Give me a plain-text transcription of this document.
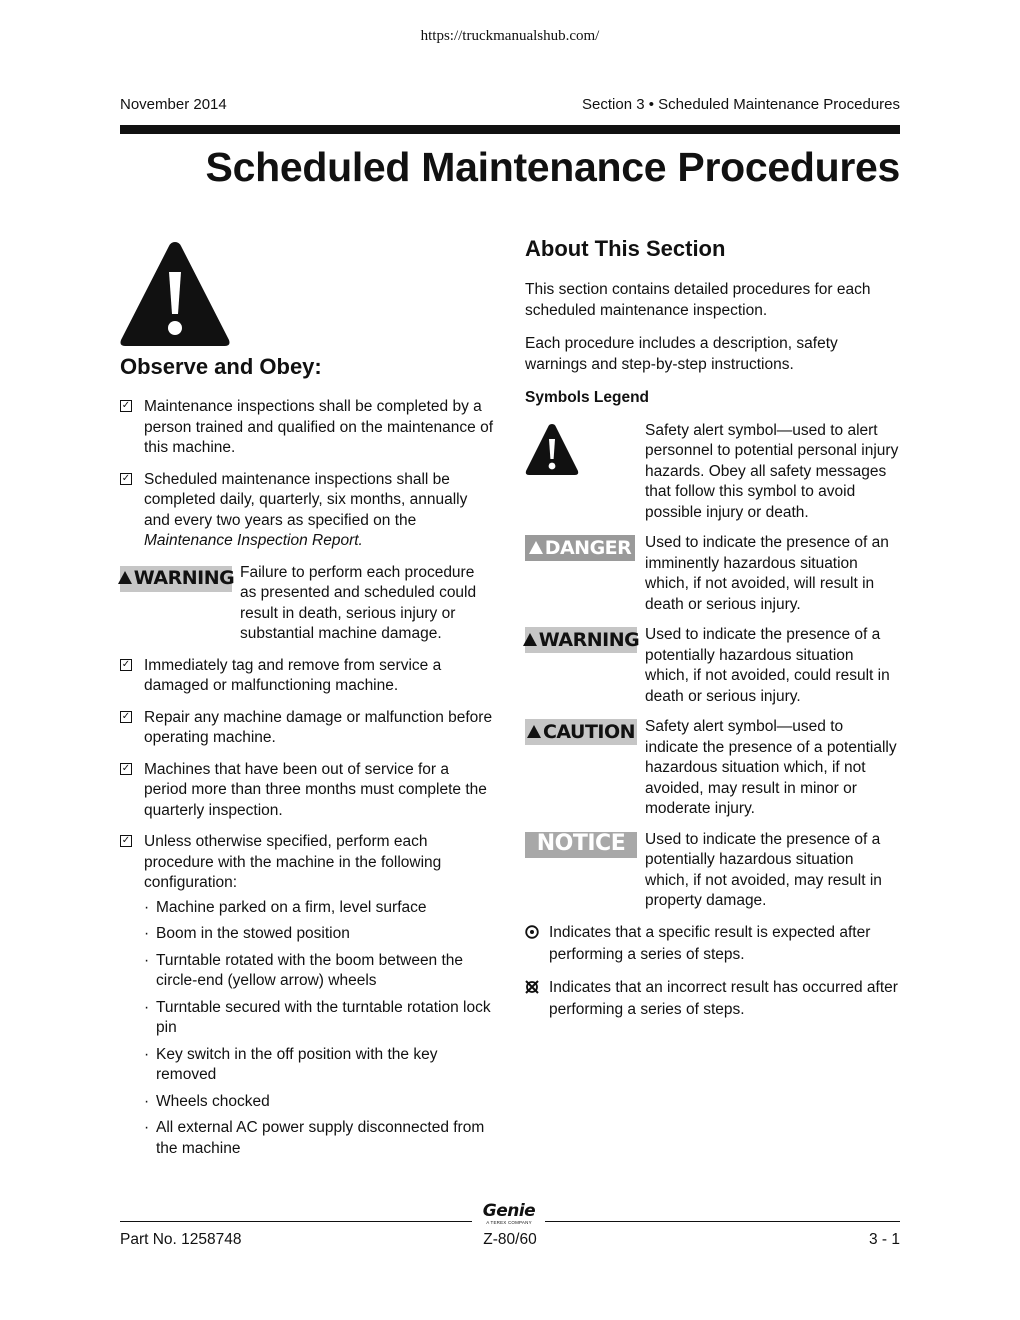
https://truckmanualshub.com/
November 2014	Section 3 • Scheduled Maintenance Procedures
Scheduled Maintenance Procedures
Observe and Obey:
✓ Maintenance inspections shall be completed by a person trained and qualified on the maintenance of this machine.
✓ Scheduled maintenance inspections shall be completed daily, quarterly, six months, annually and every two years as specified on the Maintenance Inspection Report.
WARNING Failure to perform each procedure as presented and scheduled could result in death, serious injury or substantial machine damage.
✓ Immediately tag and remove from service a damaged or malfunctioning machine.
✓ Repair any machine damage or malfunction before operating machine.
✓ Machines that have been out of service for a period more than three months must complete the quarterly inspection.
✓ Unless otherwise specified, perform each procedure with the machine in the following configuration:
· Machine parked on a firm, level surface
· Boom in the stowed position
· Turntable rotated with the boom between the circle-end (yellow arrow) wheels
· Turntable secured with the turntable rotation lock pin
· Key switch in the off position with the key removed
· Wheels chocked
· All external AC power supply disconnected from the machine
About This Section

This section contains detailed procedures for each scheduled maintenance inspection.

Each procedure includes a description, safety warnings and step-by-step instructions.

Symbols Legend
Safety alert symbol—used to alert personnel to potential personal injury hazards. Obey all safety messages that follow this symbol to avoid possible injury or death.
DANGER Used to indicate the presence of an imminently hazardous situation which, if not avoided, will result in death or serious injury.
WARNING Used to indicate the presence of a potentially hazardous situation which, if not avoided, could result in death or serious injury.
CAUTION Safety alert symbol—used to indicate the presence of a potentially hazardous situation which, if not avoided, may result in minor or moderate injury.
NOTICE	Used to indicate the presence of a potentially hazardous situation which, if not avoided, may result in property damage.
Indicates that a specific result is expected after performing a series of steps.
Indicates that an incorrect result has occurred after performing a series of steps.
Genie
A TEREX COMPANY
Part No. 1258748	Z-80/60	3 - 1
